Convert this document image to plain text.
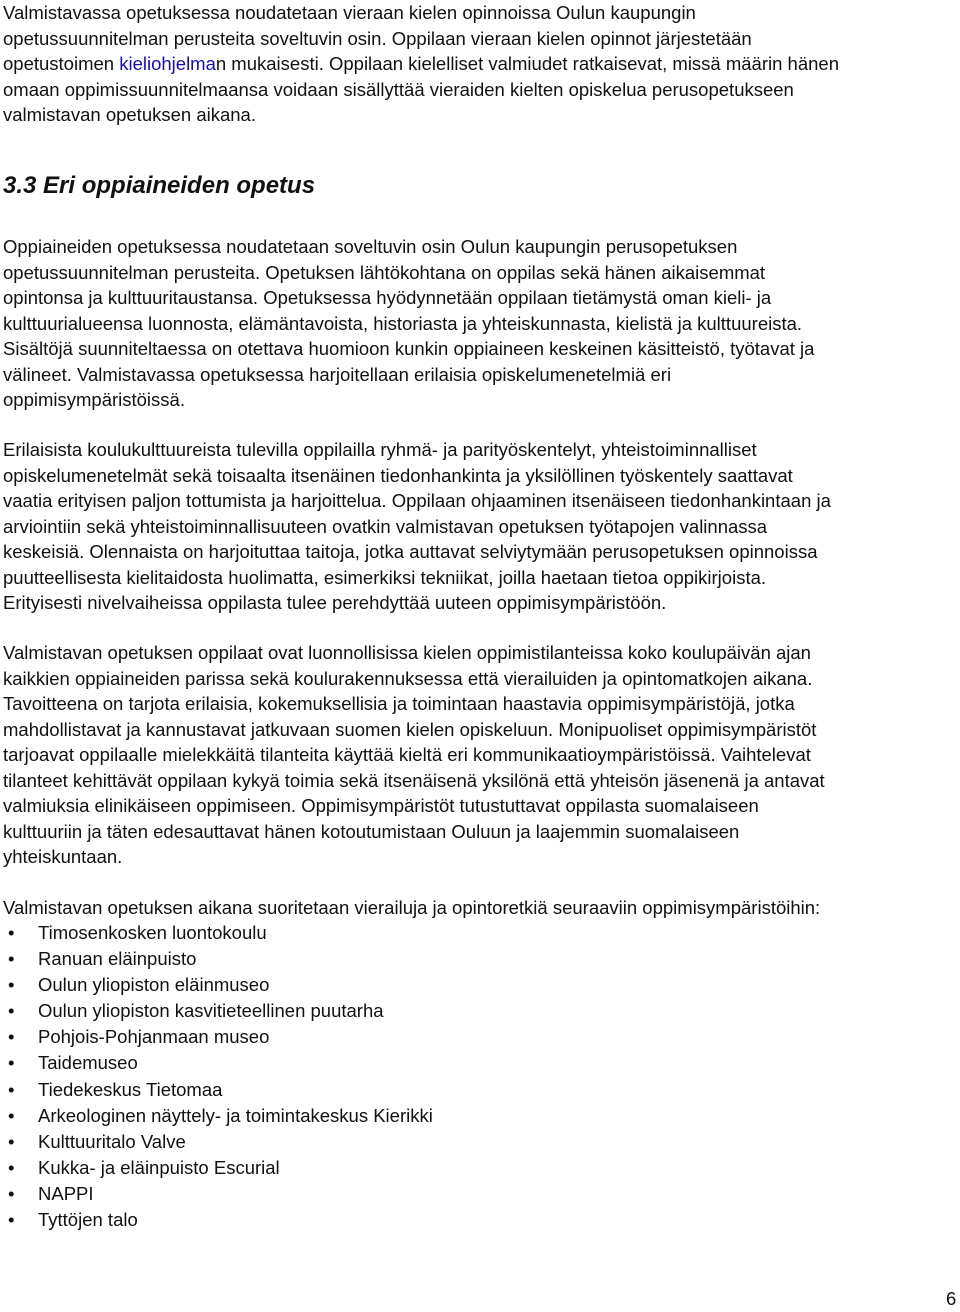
Valmistavassa opetuksessa noudatetaan vieraan kielen opinnoissa Oulun kaupungin
opetussuunnitelman perusteita soveltuvin osin. Oppilaan vieraan kielen opinnot järjestetään
opetustoimen kieliohjelman mukaisesti. Oppilaan kielelliset valmiudet ratkaisevat, missä määrin hänen
omaan oppimissuunnitelmaansa voidaan sisällyttää vieraiden kielten opiskelua perusopetukseen
valmistavan opetuksen aikana.
3.3 Eri oppiaineiden opetus
Oppiaineiden opetuksessa noudatetaan soveltuvin osin Oulun kaupungin perusopetuksen
opetussuunnitelman perusteita. Opetuksen lähtökohtana on oppilas sekä hänen aikaisemmat
opintonsa ja kulttuuritaustansa. Opetuksessa hyödynnetään oppilaan tietämystä oman kieli- ja
kulttuurialueensa luonnosta, elämäntavoista, historiasta ja yhteiskunnasta, kielistä ja kulttuureista.
Sisältöjä suunniteltaessa on otettava huomioon kunkin oppiaineen keskeinen käsitteistö, työtavat ja
välineet. Valmistavassa opetuksessa harjoitellaan erilaisia opiskelumenetelmiä eri
oppimisympäristöissä.
Erilaisista koulukulttuureista tulevilla oppilailla ryhmä- ja parityöskentelyt, yhteistoiminnalliset
opiskelumenetelmät sekä toisaalta itsenäinen tiedonhankinta ja yksilöllinen työskentely saattavat
vaatia erityisen paljon tottumista ja harjoittelua. Oppilaan ohjaaminen itsenäiseen tiedonhankintaan ja
arviointiin sekä yhteistoiminnallisuuteen ovatkin valmistavan opetuksen työtapojen valinnassa
keskeisiä. Olennaista on harjoituttaa taitoja, jotka auttavat selviytymään perusopetuksen opinnoissa
puutteellisesta kielitaidosta huolimatta, esimerkiksi tekniikat, joilla haetaan tietoa oppikirjoista.
Erityisesti nivelvaiheissa oppilasta tulee perehdyttää uuteen oppimisympäristöön.
Valmistavan opetuksen oppilaat ovat luonnollisissa kielen oppimistilanteissa koko koulupäivän ajan
kaikkien oppiaineiden parissa sekä koulurakennuksessa että vierailuiden ja opintomatkojen aikana.
Tavoitteena on tarjota erilaisia, kokemuksellisia ja toimintaan haastavia oppimisympäristöjä, jotka
mahdollistavat ja kannustavat jatkuvaan suomen kielen opiskeluun. Monipuoliset oppimisympäristöt
tarjoavat oppilaalle mielekkäitä tilanteita käyttää kieltä eri kommunikaatioympäristöissä. Vaihtelevat
tilanteet kehittävät oppilaan kykyä toimia sekä itsenäisenä yksilönä että yhteisön jäsenenä ja antavat
valmiuksia elinikäiseen oppimiseen. Oppimisympäristöt tutustuttavat oppilasta suomalaiseen
kulttuuriin ja täten edesauttavat hänen kotoutumistaan Ouluun ja laajemmin suomalaiseen
yhteiskuntaan.
Valmistavan opetuksen aikana suoritetaan vierailuja ja opintoretkiä seuraaviin oppimisympäristöihin:
• Timosenkosken luontokoulu
• Ranuan eläinpuisto
• Oulun yliopiston eläinmuseo
• Oulun yliopiston kasvitieteellinen puutarha
• Pohjois-Pohjanmaan museo
• Taidemuseo
• Tiedekeskus Tietomaa
• Arkeologinen näyttely- ja toimintakeskus Kierikki
• Kulttuuritalo Valve
• Kukka- ja eläinpuisto Escurial
• NAPPI
• Tyttöjen talo
6
